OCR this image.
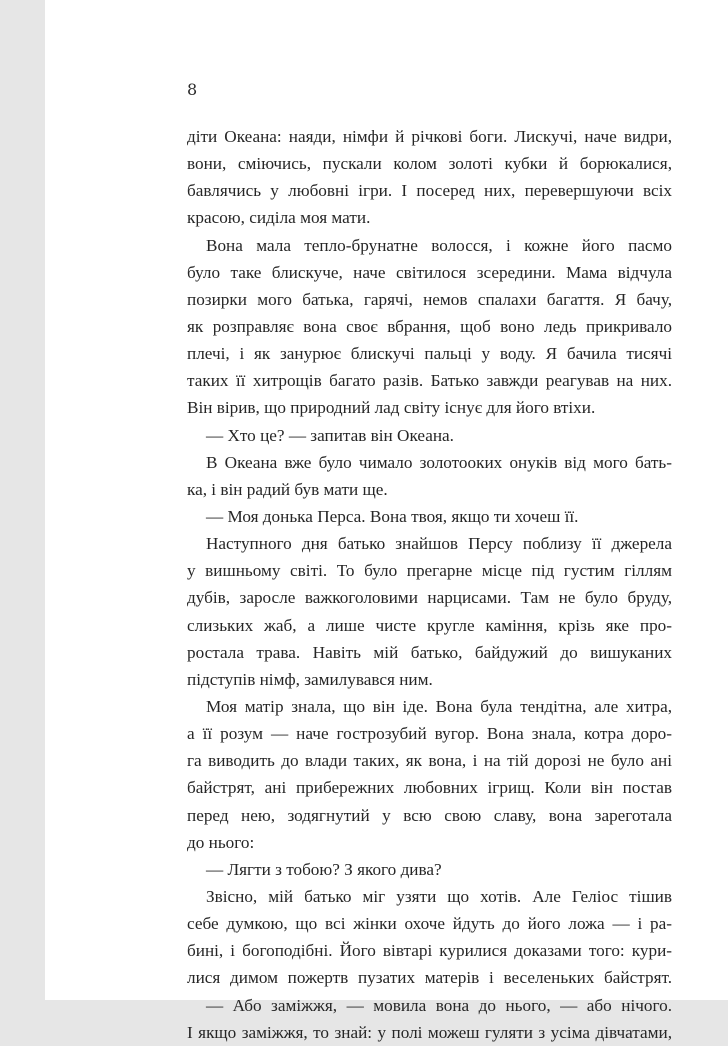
8
діти Океана: наяди, німфи й річкові боги. Лискучі, наче видри,
вони, сміючись, пускали колом золоті кубки й борюкалися,
бавлячись у любовні ігри. І посеред них, перевершуючи всіх
красою, сиділа моя мати.
Вона мала тепло-брунатне волосся, і кожне його пасмо
було таке блискуче, наче світилося зсередини. Мама відчула
позирки мого батька, гарячі, немов спалахи багаття. Я бачу,
як розправляє вона своє вбрання, щоб воно ледь прикривало
плечі, і як занурює блискучі пальці у воду. Я бачила тисячі
таких її хитрощів багато разів. Батько завжди реагував на них.
Він вірив, що природний лад світу існує для його втіхи.
— Хто це? — запитав він Океана.
В Океана вже було чимало золотооких онуків від мого бать-
ка, і він радий був мати ще.
— Моя донька Перса. Вона твоя, якщо ти хочеш її.
Наступного дня батько знайшов Персу поблизу її джерела
у вишньому світі. То було прегарне місце під густим гіллям
дубів, заросле важкоголовими нарцисами. Там не було бруду,
слизьких жаб, а лише чисте кругле каміння, крізь яке про-
ростала трава. Навіть мій батько, байдужий до вишуканих
підступів німф, замилувався ним.
Моя матір знала, що він іде. Вона була тендітна, але хитра,
а її розум — наче гострозубий вугор. Вона знала, котра доро-
га виводить до влади таких, як вона, і на тій дорозі не було ані
байстрят, ані прибережних любовних ігрищ. Коли він постав
перед нею, зодягнутий у всю свою славу, вона зареготала
до нього:
— Лягти з тобою? З якого дива?
Звісно, мій батько міг узяти що хотів. Але Геліос тішив
себе думкою, що всі жінки охоче йдуть до його ложа — і ра-
бині, і богоподібні. Його вівтарі курилися доказами того: кури-
лися димом пожертв пузатих матерів і веселеньких байстрят.
— Або заміжжя, — мовила вона до нього, — або нічого.
І якщо заміжжя, то знай: у полі можеш гуляти з усіма дівчатами,
